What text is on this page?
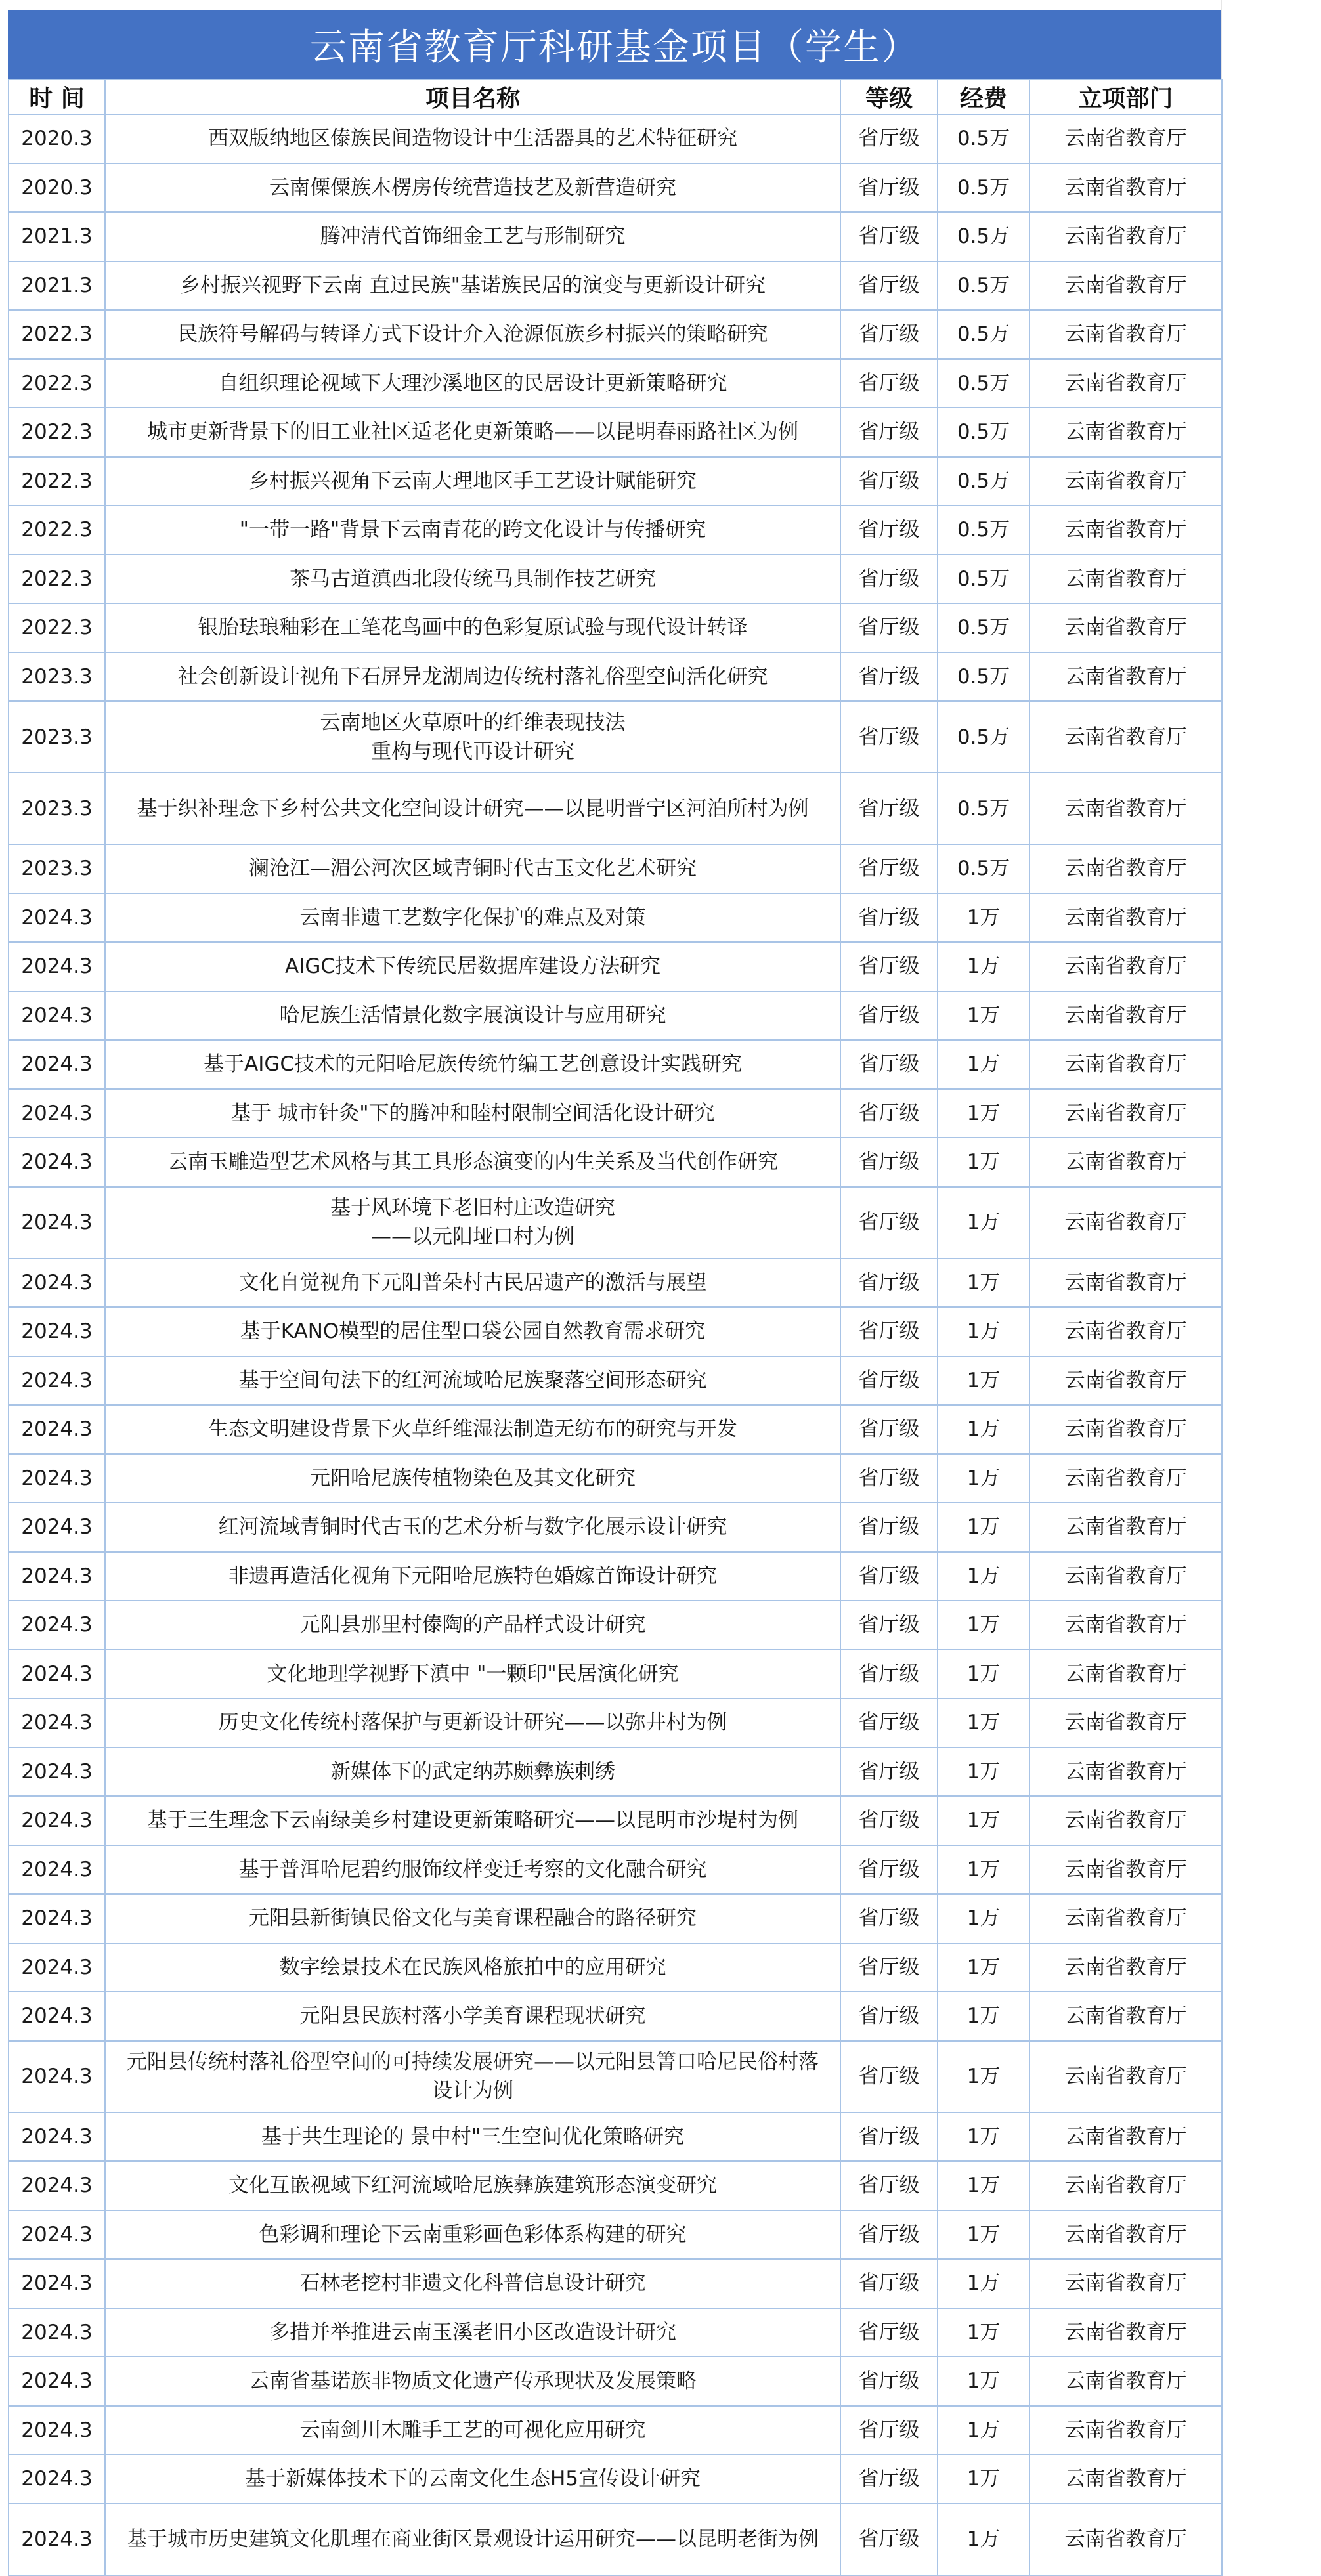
云南省教育厅科研基金项目（学生）
时 间	项目名称	等级	经费	立项部门
2020.3	西双版纳地区傣族民间造物设计中生活器具的艺术特征研究	省厅级	0.5万	云南省教育厅
2020.3	云南傈僳族木楞房传统营造技艺及新营造研究	省厅级	0.5万	云南省教育厅
2021.3	腾冲清代首饰细金工艺与形制研究	省厅级	0.5万	云南省教育厅
2021.3	乡村振兴视野下云南 直过民族"基诺族民居的演变与更新设计研究	省厅级	0.5万	云南省教育厅
2022.3	民族符号解码与转译方式下设计介入沧源佤族乡村振兴的策略研究	省厅级	0.5万	云南省教育厅
2022.3	自组织理论视域下大理沙溪地区的民居设计更新策略研究	省厅级	0.5万	云南省教育厅
2022.3	城市更新背景下的旧工业社区适老化更新策略——以昆明春雨路社区为例	省厅级	0.5万	云南省教育厅
2022.3	乡村振兴视角下云南大理地区手工艺设计赋能研究	省厅级	0.5万	云南省教育厅
2022.3	"一带一路"背景下云南青花的跨文化设计与传播研究	省厅级	0.5万	云南省教育厅
2022.3	茶马古道滇西北段传统马具制作技艺研究	省厅级	0.5万	云南省教育厅
2022.3	银胎珐琅釉彩在工笔花鸟画中的色彩复原试验与现代设计转译	省厅级	0.5万	云南省教育厅
2023.3	社会创新设计视角下石屏异龙湖周边传统村落礼俗型空间活化研究	省厅级	0.5万	云南省教育厅
2023.3	云南地区火草原叶的纤维表现技法
重构与现代再设计研究	省厅级	0.5万	云南省教育厅
2023.3	基于织补理念下乡村公共文化空间设计研究——以昆明晋宁区河泊所村为例	省厅级	0.5万	云南省教育厅
2023.3	澜沧江—湄公河次区域青铜时代古玉文化艺术研究	省厅级	0.5万	云南省教育厅
2024.3	云南非遗工艺数字化保护的难点及对策	省厅级	1万	云南省教育厅
2024.3	AIGC技术下传统民居数据库建设方法研究	省厅级	1万	云南省教育厅
2024.3	哈尼族生活情景化数字展演设计与应用研究	省厅级	1万	云南省教育厅
2024.3	基于AIGC技术的元阳哈尼族传统竹编工艺创意设计实践研究	省厅级	1万	云南省教育厅
2024.3	基于 城市针灸"下的腾冲和睦村限制空间活化设计研究	省厅级	1万	云南省教育厅
2024.3	云南玉雕造型艺术风格与其工具形态演变的内生关系及当代创作研究	省厅级	1万	云南省教育厅
2024.3	基于风环境下老旧村庄改造研究
——以元阳垭口村为例	省厅级	1万	云南省教育厅
2024.3	文化自觉视角下元阳普朵村古民居遗产的激活与展望	省厅级	1万	云南省教育厅
2024.3	基于KANO模型的居住型口袋公园自然教育需求研究	省厅级	1万	云南省教育厅
2024.3	基于空间句法下的红河流域哈尼族聚落空间形态研究	省厅级	1万	云南省教育厅
2024.3	生态文明建设背景下火草纤维湿法制造无纺布的研究与开发	省厅级	1万	云南省教育厅
2024.3	元阳哈尼族传植物染色及其文化研究	省厅级	1万	云南省教育厅
2024.3	红河流域青铜时代古玉的艺术分析与数字化展示设计研究	省厅级	1万	云南省教育厅
2024.3	非遗再造活化视角下元阳哈尼族特色婚嫁首饰设计研究	省厅级	1万	云南省教育厅
2024.3	元阳县那里村傣陶的产品样式设计研究	省厅级	1万	云南省教育厅
2024.3	文化地理学视野下滇中 "一颗印"民居演化研究	省厅级	1万	云南省教育厅
2024.3	历史文化传统村落保护与更新设计研究——以弥井村为例	省厅级	1万	云南省教育厅
2024.3	新媒体下的武定纳苏颇彝族刺绣	省厅级	1万	云南省教育厅
2024.3	基于三生理念下云南绿美乡村建设更新策略研究——以昆明市沙堤村为例	省厅级	1万	云南省教育厅
2024.3	基于普洱哈尼碧约服饰纹样变迁考察的文化融合研究	省厅级	1万	云南省教育厅
2024.3	元阳县新街镇民俗文化与美育课程融合的路径研究	省厅级	1万	云南省教育厅
2024.3	数字绘景技术在民族风格旅拍中的应用研究	省厅级	1万	云南省教育厅
2024.3	元阳县民族村落小学美育课程现状研究	省厅级	1万	云南省教育厅
2024.3	元阳县传统村落礼俗型空间的可持续发展研究——以元阳县箐口哈尼民俗村落
设计为例	省厅级	1万	云南省教育厅
2024.3	基于共生理论的 景中村"三生空间优化策略研究	省厅级	1万	云南省教育厅
2024.3	文化互嵌视域下红河流域哈尼族彝族建筑形态演变研究	省厅级	1万	云南省教育厅
2024.3	色彩调和理论下云南重彩画色彩体系构建的研究	省厅级	1万	云南省教育厅
2024.3	石林老挖村非遗文化科普信息设计研究	省厅级	1万	云南省教育厅
2024.3	多措并举推进云南玉溪老旧小区改造设计研究	省厅级	1万	云南省教育厅
2024.3	云南省基诺族非物质文化遗产传承现状及发展策略	省厅级	1万	云南省教育厅
2024.3	云南剑川木雕手工艺的可视化应用研究	省厅级	1万	云南省教育厅
2024.3	基于新媒体技术下的云南文化生态H5宣传设计研究	省厅级	1万	云南省教育厅
2024.3	基于城市历史建筑文化肌理在商业街区景观设计运用研究——以昆明老街为例	省厅级	1万	云南省教育厅
